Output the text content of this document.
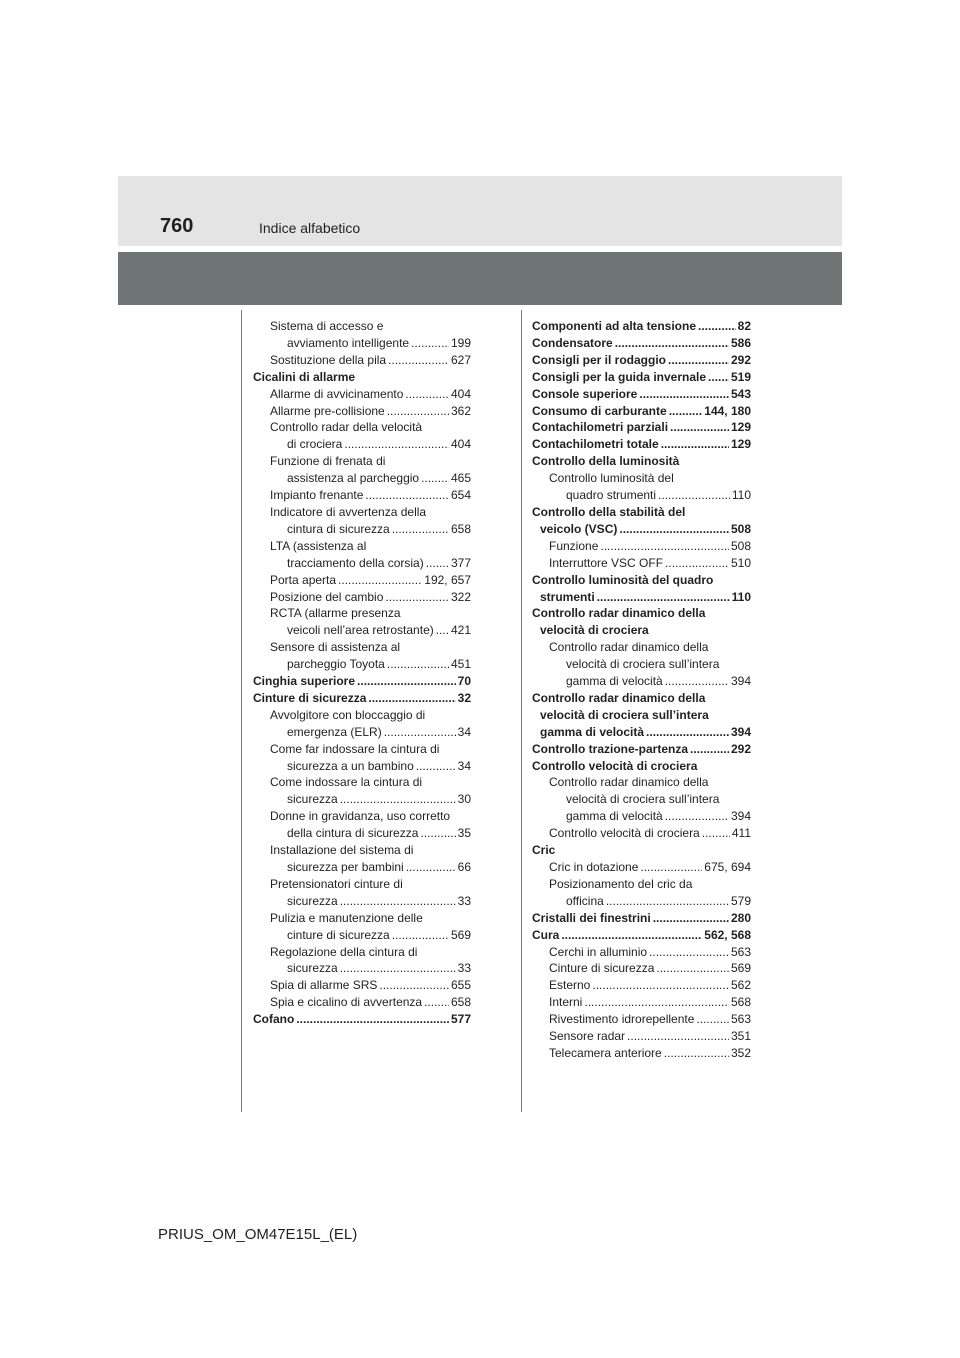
760	Indice alfabetico
Sistema di accesso e
avviamento intelligente .....	199
Sostituzione della pila .....	627
Cicalini di allarme
Allarme di avvicinamento .....	404
Allarme pre-collisione .....	362
Controllo radar della velocità
di crociera .....	404
Funzione di frenata di
assistenza al parcheggio .....	465
Impianto frenante .....	654
Indicatore di avvertenza della
cintura di sicurezza .....	658
LTA (assistenza al
tracciamento della corsia) ..... 377
Porta aperta .....	192, 657
Posizione del cambio .....	322
RCTA (allarme presenza
veicoli nell’area retrostante) ..... 421
Sensore di assistenza al
parcheggio Toyota .....	451
Cinghia superiore .....	70
Cinture di sicurezza .....	32
Avvolgitore con bloccaggio di
emergenza (ELR) .....	34
Come far indossare la cintura di
sicurezza a un bambino .....	34
Come indossare la cintura di
sicurezza .....	30
Donne in gravidanza, uso corretto
della cintura di sicurezza .....	35
Installazione del sistema di
sicurezza per bambini .....	66
Pretensionatori cinture di
sicurezza .....	33
Pulizia e manutenzione delle
cinture di sicurezza .....	569
Regolazione della cintura di
sicurezza .....	33
Spia di allarme SRS .....	655
Spia e cicalino di avvertenza ..... 658
Cofano .....	577
Componenti ad alta tensione .....	82
Condensatore .....	586
Consigli per il rodaggio .....	292
Consigli per la guida invernale ..... 519
Console superiore .....	543
Consumo di carburante .....	144, 180
Contachilometri parziali .....	129
Contachilometri totale .....	129
Controllo della luminosità
Controllo luminosità del
quadro strumenti .....	110
Controllo della stabilità del
veicolo (VSC) .....	508
Funzione .....	508
Interruttore VSC OFF .....	510
Controllo luminosità del quadro
strumenti .....	110
Controllo radar dinamico della
velocità di crociera
Controllo radar dinamico della
velocità di crociera sull’intera
gamma di velocità .....	394
Controllo radar dinamico della
velocità di crociera sull’intera
gamma di velocità .....	394
Controllo trazione-partenza .....	292
Controllo velocità di crociera
Controllo radar dinamico della
velocità di crociera sull’intera
gamma di velocità .....	394
Controllo velocità di crociera .....	411
Cric
Cric in dotazione .....	675, 694
Posizionamento del cric da
officina .....	579
Cristalli dei finestrini .....	280
Cura .....	562, 568
Cerchi in alluminio .....	563
Cinture di sicurezza .....	569
Esterno .....	562
Interni .....	568
Rivestimento idrorepellente .....	563
Sensore radar .....	351
Telecamera anteriore .....	352
PRIUS_OM_OM47E15L_(EL)
